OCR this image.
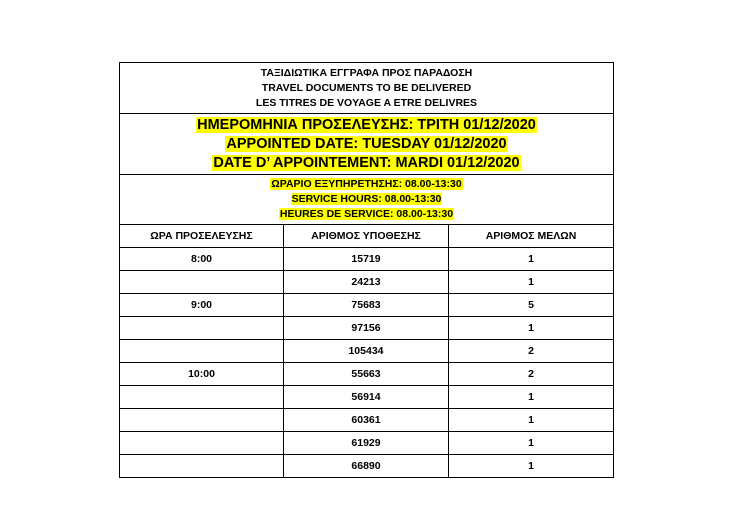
ΤΑΞΙΔΙΩΤΙΚΑ ΕΓΓΡΑΦΑ ΠΡΟΣ ΠΑΡΑΔΟΣΗ
TRAVEL DOCUMENTS TO BE DELIVERED
LES TITRES DE VOYAGE A ETRE DELIVRES		

ΗΜΕΡΟΜΗΝΙΑ ΠΡΟΣΕΛΕΥΣΗΣ: ΤΡΙΤΗ 01/12/2020
APPOINTED DATE: TUESDAY 01/12/2020
DATE D’ APPOINTEMENT: MARDI 01/12/2020		

ΩΡΑΡΙΟ ΕΞΥΠΗΡΕΤΗΣΗΣ: 08.00-13:30
SERVICE HOURS: 08.00-13:30
HEURES DE SERVICE: 08.00-13:30		

ΩΡΑ ΠΡΟΣΕΛΕΥΣΗΣ	ΑΡΙΘΜΟΣ ΥΠΟΘΕΣΗΣ	ΑΡΙΘΜΟΣ ΜΕΛΩΝ
8:00	15719	1
	24213	1
9:00	75683	5
	97156	1
	105434	2
10:00	55663	2
	56914	1
	60361	1
	61929	1
	66890	1
